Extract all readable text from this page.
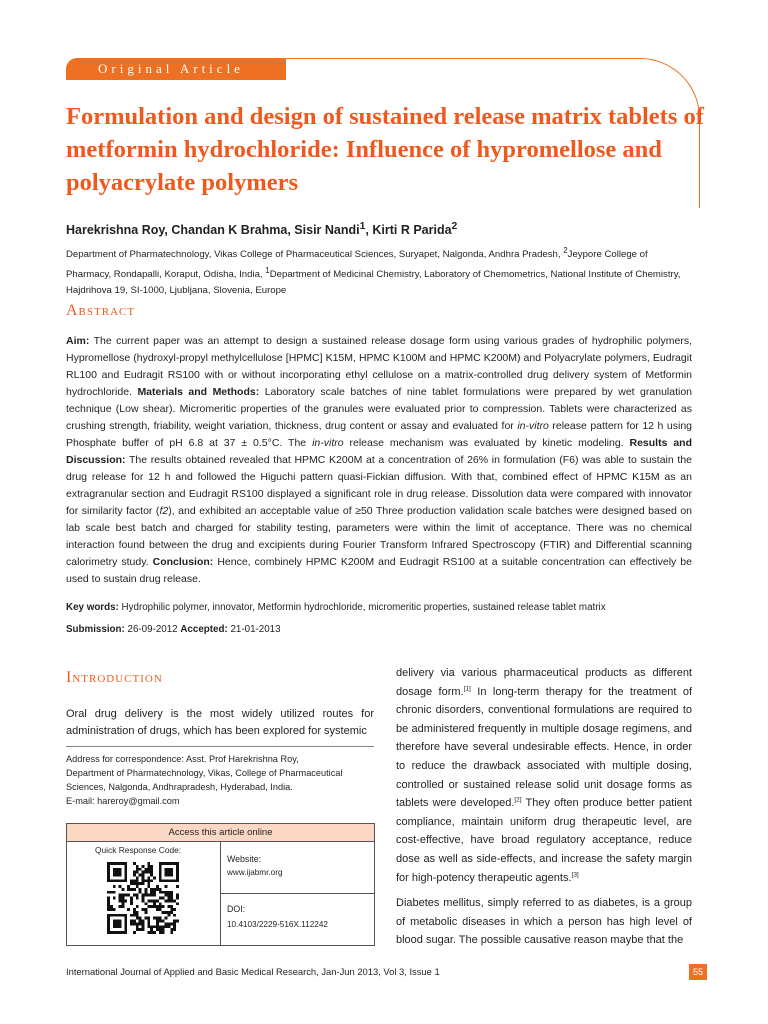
Original Article
Formulation and design of sustained release matrix tablets of metformin hydrochloride: Influence of hypromellose and polyacrylate polymers

Harekrishna Roy, Chandan K Brahma, Sisir Nandi$^1$, Kirti R Parida$^2$

Department of Pharmatechnology, Vikas College of Pharmaceutical Sciences, Suryapet, Nalgonda, Andhra Pradesh, $^2$Jeypore College of Pharmacy, Rondapalli, Koraput, Odisha, India, $^1$Department of Medicinal Chemistry, Laboratory of Chemometrics, National Institute of Chemistry, Hajdrihova 19, SI-1000, Ljubljana, Slovenia, Europe

Abstract

Aim: The current paper was an attempt to design a sustained release dosage form using various grades of hydrophilic polymers, Hypromellose (hydroxyl-propyl methylcellulose [HPMC] K15M, HPMC K100M and HPMC K200M) and Polyacrylate polymers, Eudragit RL100 and Eudragit RS100 with or without incorporating ethyl cellulose on a matrix-controlled drug delivery system of Metformin hydrochloride. Materials and Methods: Laboratory scale batches of nine tablet formulations were prepared by wet granulation technique (Low shear). Micromeritic properties of the granules were evaluated prior to compression. Tablets were characterized as crushing strength, friability, weight variation, thickness, drug content or assay and evaluated for in-vitro release pattern for 12 h using Phosphate buffer of pH 6.8 at 37 ± 0.5°C. The in-vitro release mechanism was evaluated by kinetic modeling. Results and Discussion: The results obtained revealed that HPMC K200M at a concentration of 26% in formulation (F6) was able to sustain the drug release for 12 h and followed the Higuchi pattern quasi-Fickian diffusion. With that, combined effect of HPMC K15M as an extragranular section and Eudragit RS100 displayed a significant role in drug release. Dissolution data were compared with innovator for similarity factor (f2), and exhibited an acceptable value of ≥50 Three production validation scale batches were designed based on lab scale best batch and charged for stability testing, parameters were within the limit of acceptance. There was no chemical interaction found between the drug and excipients during Fourier Transform Infrared Spectroscopy (FTIR) and Differential scanning calorimetry study. Conclusion: Hence, combinely HPMC K200M and Eudragit RS100 at a suitable concentration can effectively be used to sustain drug release.

Key words: Hydrophilic polymer, innovator, Metformin hydrochloride, micromeritic properties, sustained release tablet matrix

Submission: 26-09-2012 Accepted: 21-01-2013

Introduction

Oral drug delivery is the most widely utilized routes for administration of drugs, which has been explored for systemic

Address for correspondence: Asst. Prof Harekrishna Roy,
Department of Pharmatechnology, Vikas, College of Pharmaceutical
Sciences, Nalgonda, Andhrapradesh, Hyderabad, India.
E-mail: hareroy@gmail.com
Access this article online
Quick Response Code:
Website:
www.ijabmr.org
DOI:
10.4103/2229-516X.112242

delivery via various pharmaceutical products as different dosage form.[1] In long-term therapy for the treatment of chronic disorders, conventional formulations are required to be administered frequently in multiple dosage regimens, and therefore have several undesirable effects. Hence, in order to reduce the drawback associated with multiple dosing, controlled or sustained release solid unit dosage forms as tablets were developed.[2] They often produce better patient compliance, maintain uniform drug therapeutic level, are cost-effective, have broad regulatory acceptance, reduce dose as well as side-effects, and increase the safety margin for high-potency therapeutic agents.[3]

Diabetes mellitus, simply referred to as diabetes, is a group of metabolic diseases in which a person has high level of blood sugar. The possible causative reason maybe that the

International Journal of Applied and Basic Medical Research, Jan-Jun 2013, Vol 3, Issue 1	55
